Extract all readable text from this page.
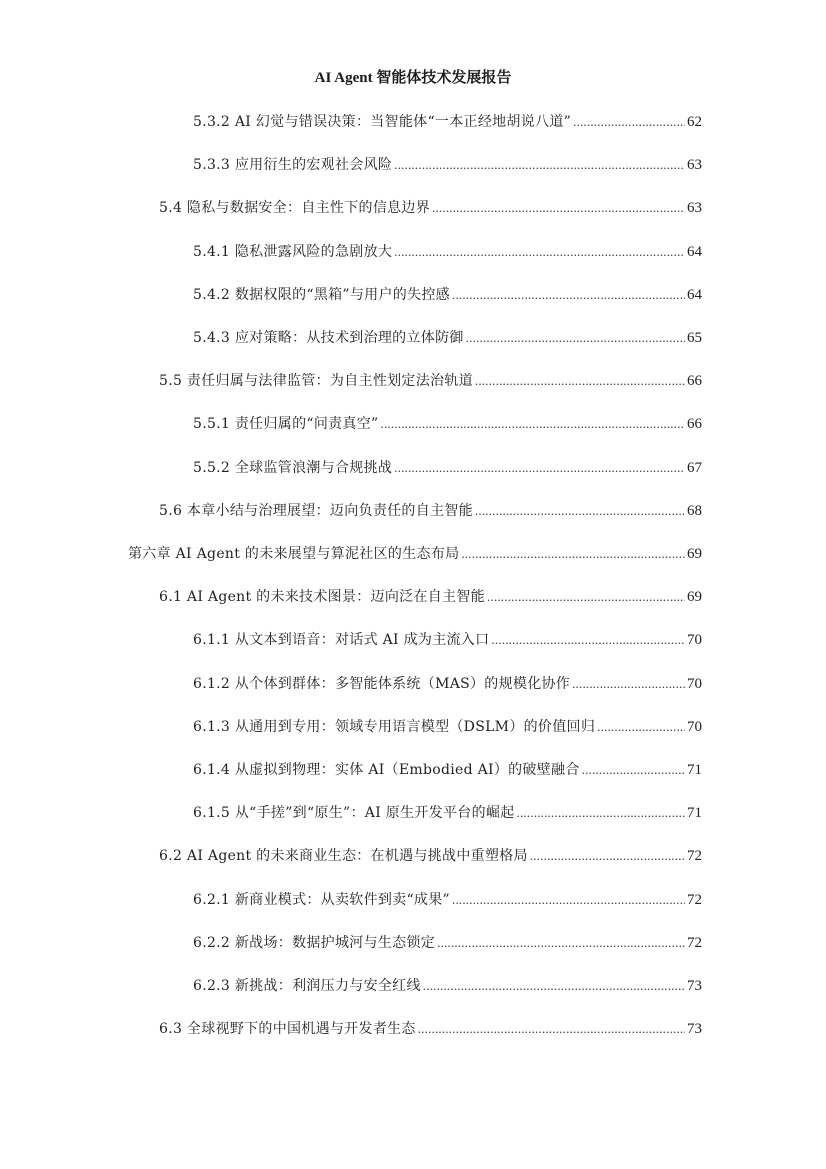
AI Agent 智能体技术发展报告
5.3.2 AI 幻觉与错误决策：当智能体“一本正经地胡说八道” .....	62
5.3.3 应用衍生的宏观社会风险 .....	63
5.4 隐私与数据安全：自主性下的信息边界 .....	63
5.4.1 隐私泄露风险的急剧放大 .....	64
5.4.2 数据权限的“黑箱”与用户的失控感 .....	64
5.4.3 应对策略：从技术到治理的立体防御 .....	65
5.5 责任归属与法律监管：为自主性划定法治轨道 .....	66
5.5.1 责任归属的“问责真空” .....	66
5.5.2 全球监管浪潮与合规挑战 .....	67
5.6 本章小结与治理展望：迈向负责任的自主智能 .....	68
第六章 AI Agent 的未来展望与算泥社区的生态布局 .....	69
6.1 AI Agent 的未来技术图景：迈向泛在自主智能 .....	69
6.1.1 从文本到语音：对话式 AI 成为主流入口 .....	70
6.1.2 从个体到群体：多智能体系统（MAS）的规模化协作 .....	70
6.1.3 从通用到专用：领域专用语言模型（DSLM）的价值回归 .....	70
6.1.4 从虚拟到物理：实体 AI（Embodied AI）的破壁融合 .....	71
6.1.5 从“手搓”到“原生”：AI 原生开发平台的崛起 .....	71
6.2 AI Agent 的未来商业生态：在机遇与挑战中重塑格局 .....	72
6.2.1 新商业模式：从卖软件到卖“成果” .....	72
6.2.2 新战场：数据护城河与生态锁定 .....	72
6.2.3 新挑战：利润压力与安全红线 .....	73
6.3 全球视野下的中国机遇与开发者生态 .....	73
